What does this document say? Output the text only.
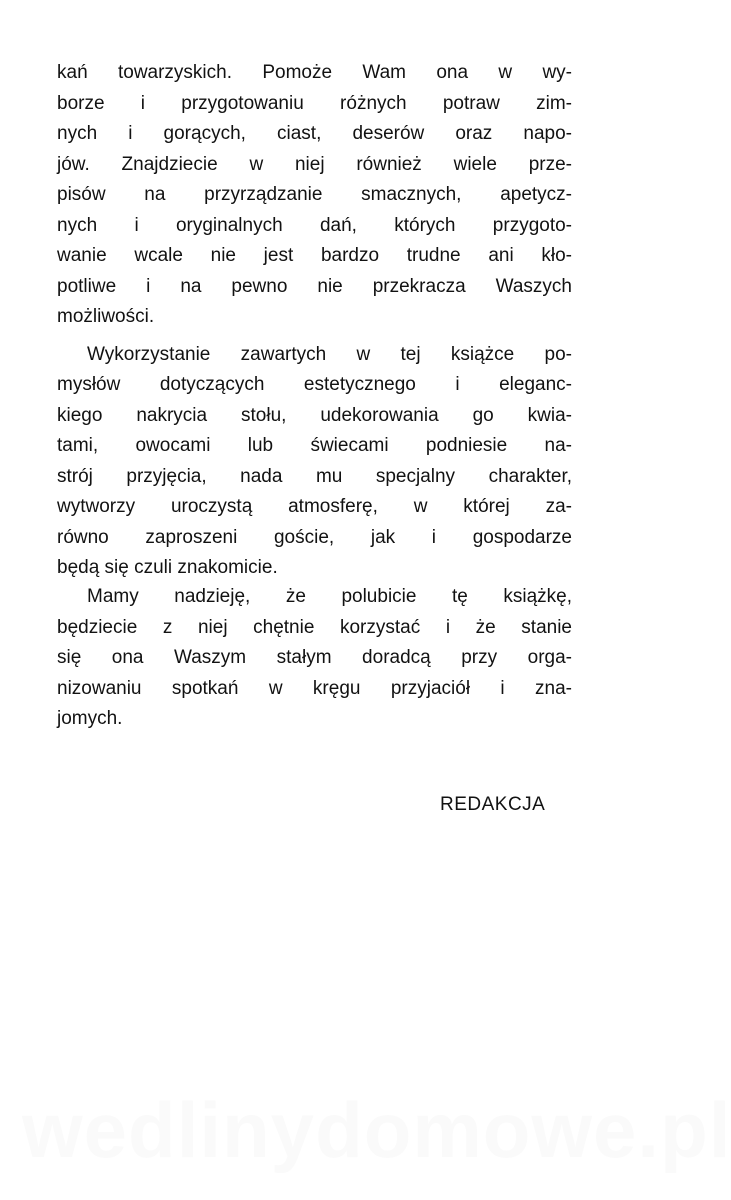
kań towarzyskich. Pomoże Wam ona w wy-
borze i przygotowaniu różnych potraw zim-
nych i gorących, ciast, deserów oraz napo-
jów. Znajdziecie w niej również wiele prze-
pisów na przyrządzanie smacznych, apetycz-
nych i oryginalnych dań, których przygoto-
wanie wcale nie jest bardzo trudne ani kło-
potliwe i na pewno nie przekracza Waszych
możliwości.
Wykorzystanie zawartych w tej książce po-
mysłów dotyczących estetycznego i eleganc-
kiego nakrycia stołu, udekorowania go kwia-
tami, owocami lub świecami podniesie na-
strój przyjęcia, nada mu specjalny charakter,
wytworzy uroczystą atmosferę, w której za-
równo zaproszeni goście, jak i gospodarze
będą się czuli znakomicie.
Mamy nadzieję, że polubicie tę książkę,
będziecie z niej chętnie korzystać i że stanie
się ona Waszym stałym doradcą przy orga-
nizowaniu spotkań w kręgu przyjaciół i zna-
jomych.
REDAKCJA
wedlinydomowe.pl
